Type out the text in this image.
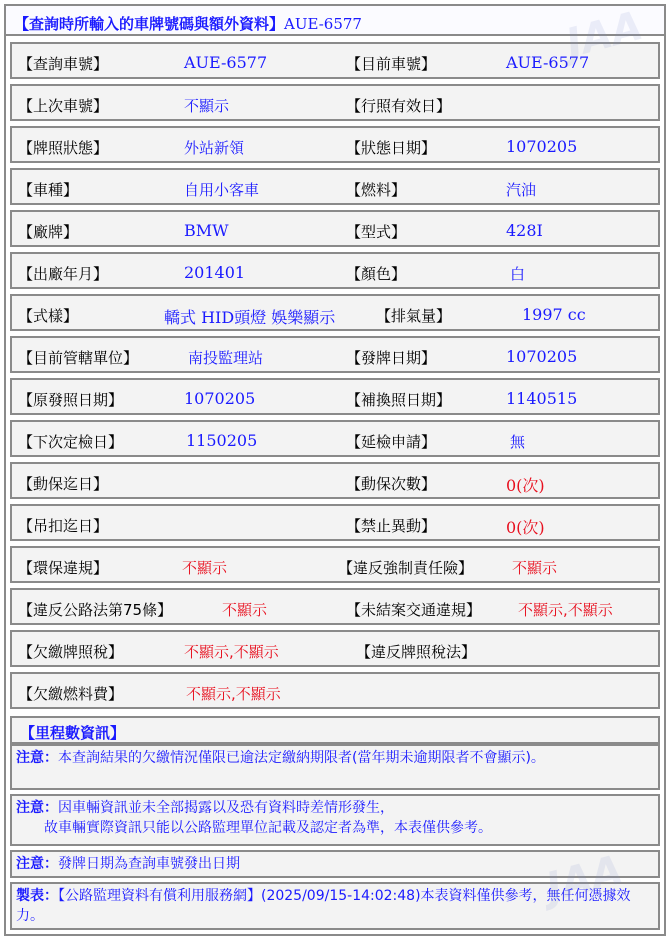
【查詢時所輸入的車牌號碼與額外資料】AUE-6577
【查詢車號】	AUE-6577	【目前車號】	AUE-6577
【上次車號】	不顯示	【行照有效日】
【牌照狀態】	外站新領	【狀態日期】	1070205
【車種】	自用小客車	【燃料】	汽油
【廠牌】	BMW	【型式】	428I
【出廠年月】	201401	【顏色】	白
【式樣】	轎式 HID頭燈 娛樂顯示	【排氣量】	1997 cc
【目前管轄單位】	南投監理站	【發牌日期】	1070205
【原發照日期】	1070205	【補換照日期】	1140515
【下次定檢日】	1150205	【延檢申請】	無
【動保迄日】	【動保次數】	0(次)
【吊扣迄日】	【禁止異動】	0(次)
【環保違規】	不顯示	【違反強制責任險】	不顯示
【違反公路法第75條】	不顯示	【未結案交通違規】 不顯示,不顯示
【欠繳牌照稅】	不顯示,不顯示	【違反牌照稅法】
【欠繳燃料費】	不顯示,不顯示
【里程數資訊】
注意：本查詢結果的欠繳情況僅限已逾法定繳納期限者(當年期未逾期限者不會顯示)。
注意：因車輛資訊並未全部揭露以及恐有資料時差情形發生，
故車輛實際資訊只能以公路監理單位記載及認定者為準，本表僅供參考。
注意：發牌日期為查詢車號發出日期
製表：【公路監理資料有償利用服務網】(2025/09/15-14:02:48)本表資料僅供參考，無任何憑據效力。
JAA
